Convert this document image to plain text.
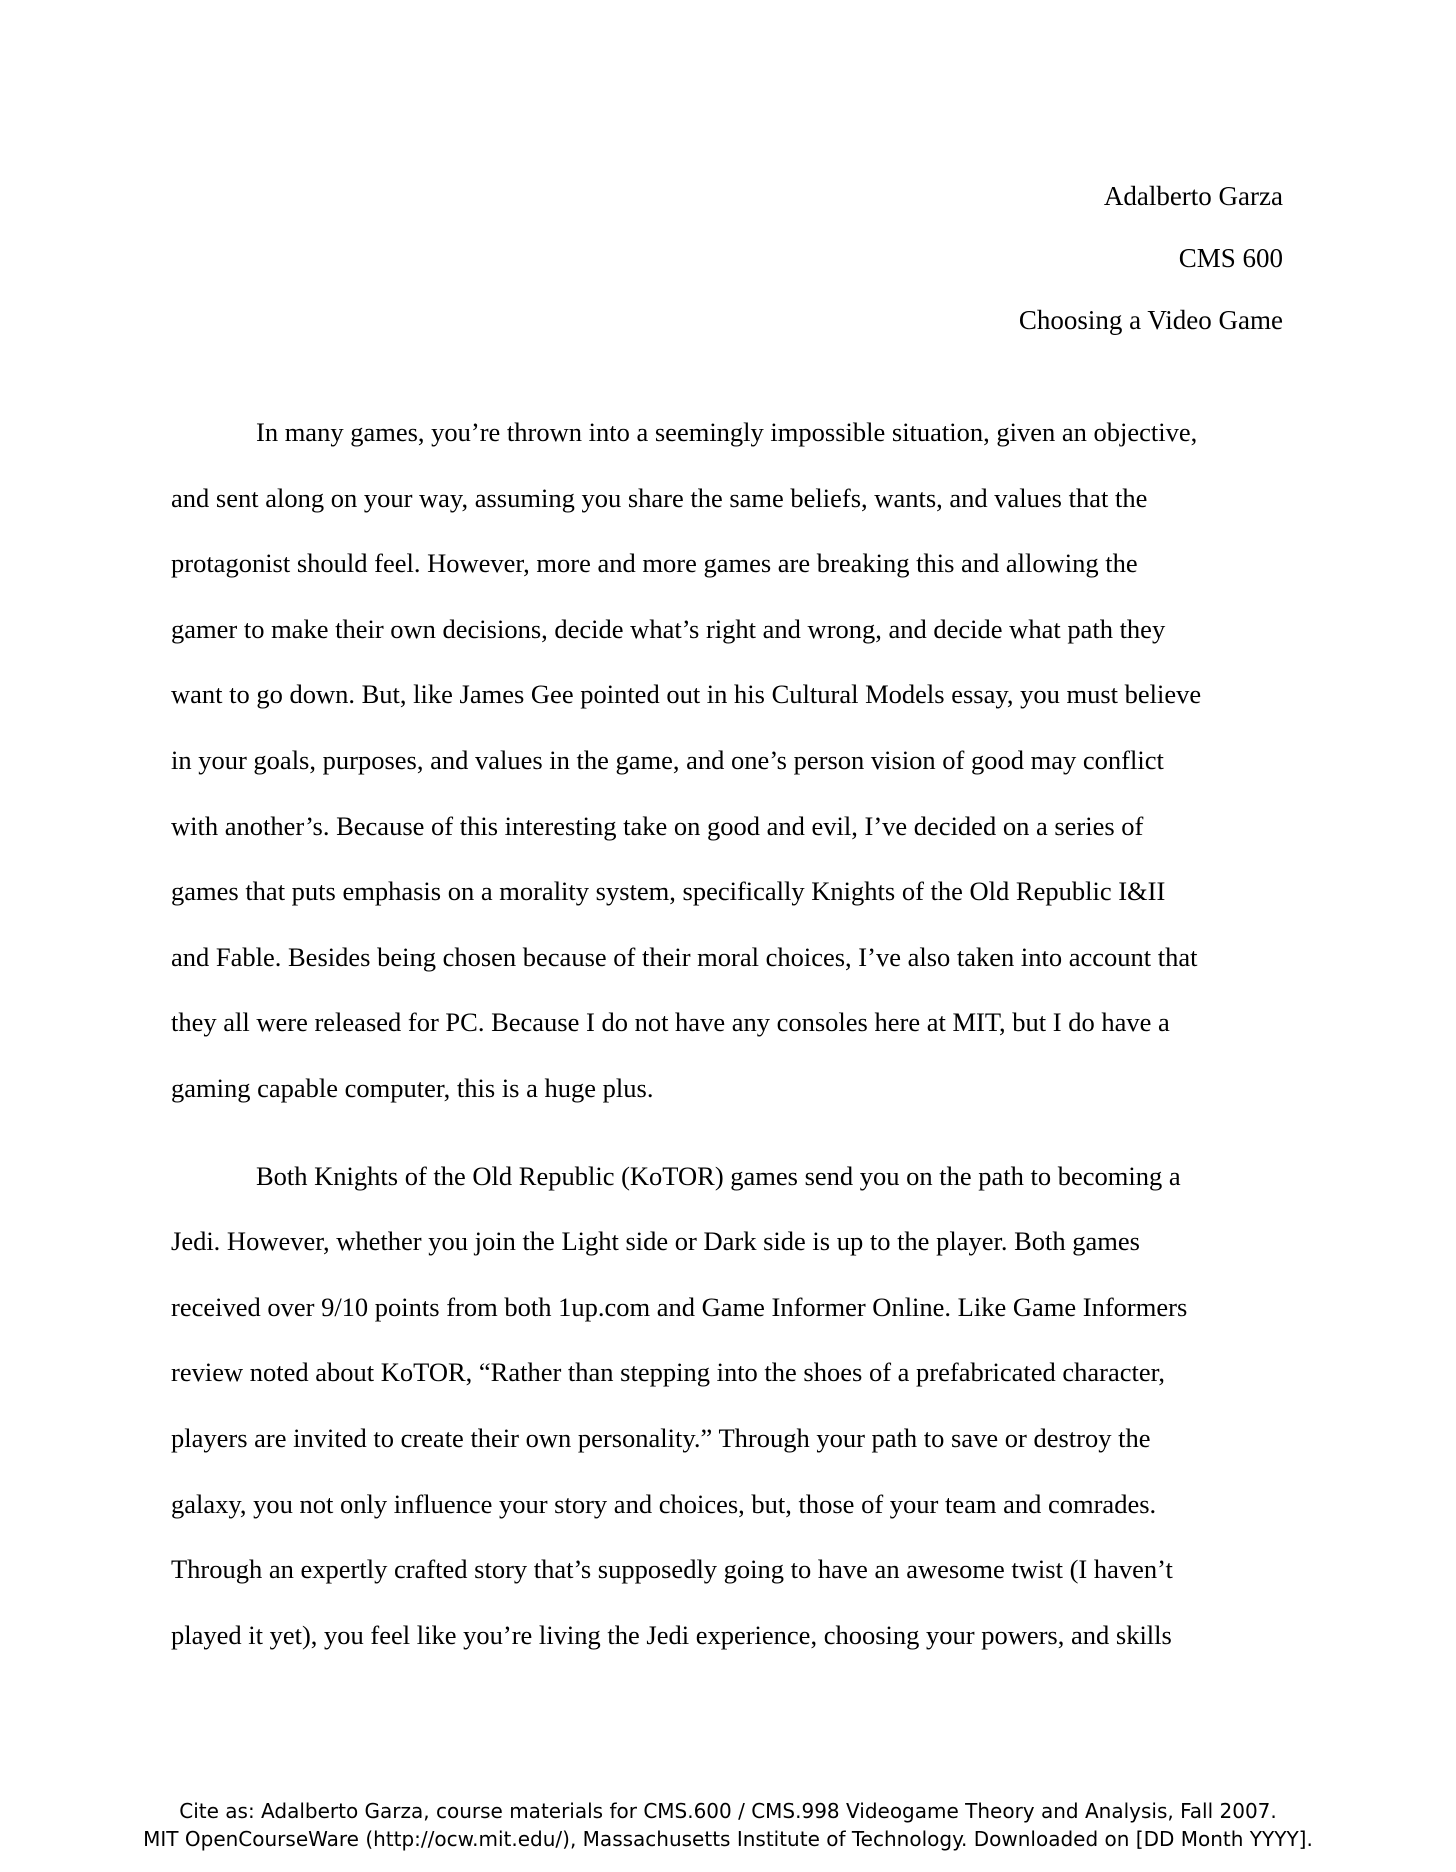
Adalberto Garza
CMS 600
Choosing a Video Game
In many games, you’re thrown into a seemingly impossible situation, given an objective,
and sent along on your way, assuming you share the same beliefs, wants, and values that the
protagonist should feel. However, more and more games are breaking this and allowing the
gamer to make their own decisions, decide what’s right and wrong, and decide what path they
want to go down. But, like James Gee pointed out in his Cultural Models essay, you must believe
in your goals, purposes, and values in the game, and one’s person vision of good may conflict
with another’s. Because of this interesting take on good and evil, I’ve decided on a series of
games that puts emphasis on a morality system, specifically Knights of the Old Republic I&II
and Fable. Besides being chosen because of their moral choices, I’ve also taken into account that
they all were released for PC. Because I do not have any consoles here at MIT, but I do have a
gaming capable computer, this is a huge plus.
Both Knights of the Old Republic (KoTOR) games send you on the path to becoming a
Jedi. However, whether you join the Light side or Dark side is up to the player. Both games
received over 9/10 points from both 1up.com and Game Informer Online. Like Game Informers
review noted about KoTOR, “Rather than stepping into the shoes of a prefabricated character,
players are invited to create their own personality.” Through your path to save or destroy the
galaxy, you not only influence your story and choices, but, those of your team and comrades.
Through an expertly crafted story that’s supposedly going to have an awesome twist (I haven’t
played it yet), you feel like you’re living the Jedi experience, choosing your powers, and skills
Cite as: Adalberto Garza, course materials for CMS.600 / CMS.998 Videogame Theory and Analysis, Fall 2007.
MIT OpenCourseWare (http://ocw.mit.edu/), Massachusetts Institute of Technology. Downloaded on [DD Month YYYY].
